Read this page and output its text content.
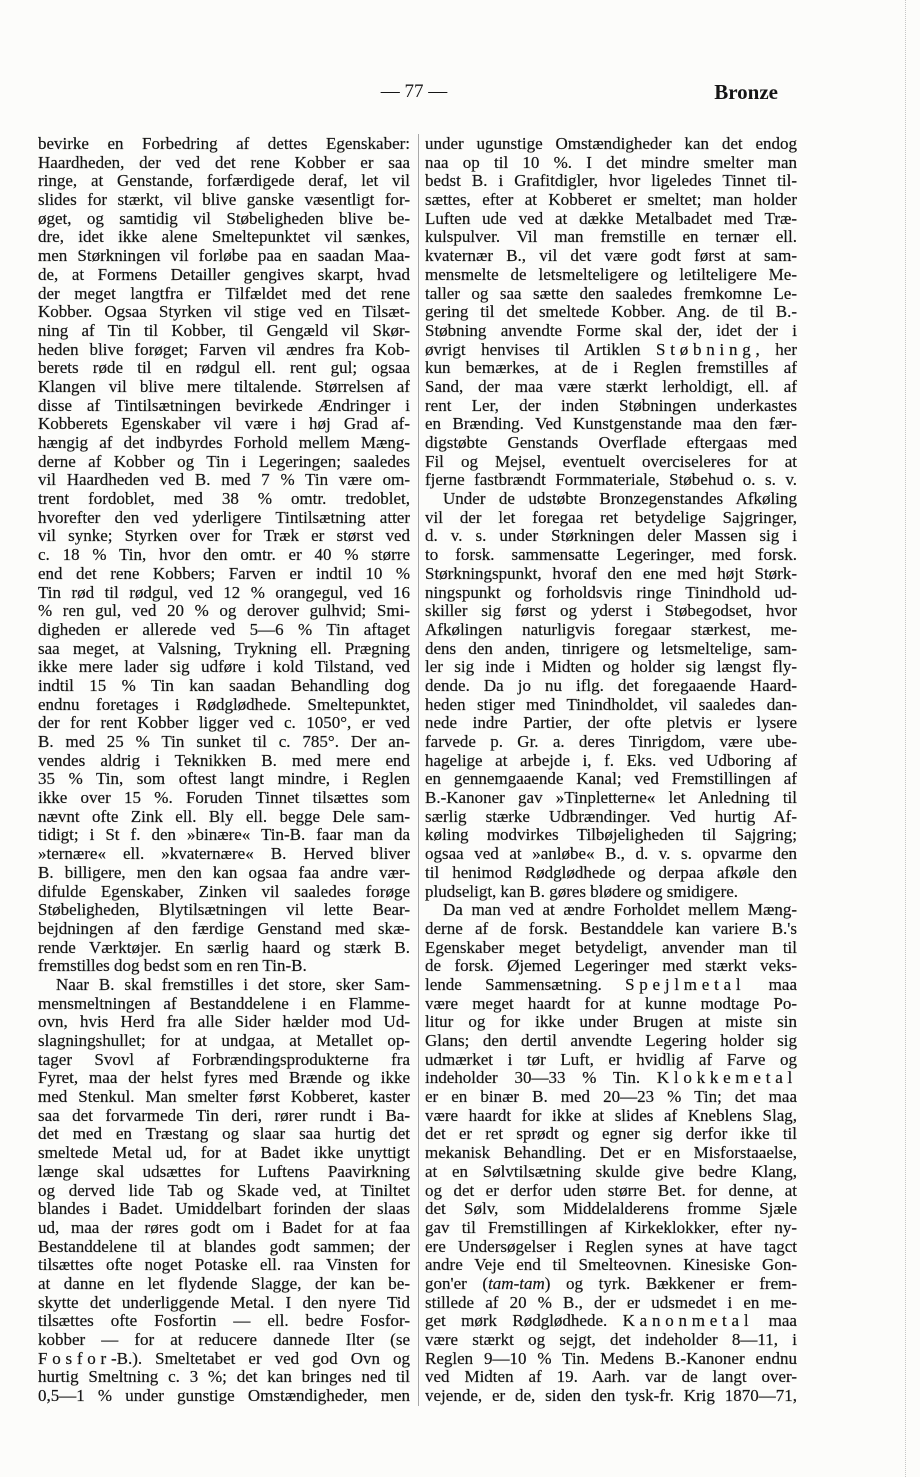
— 77 —	Bronze
bevirke en Forbedring af dettes Egenskaber:
Haardheden, der ved det rene Kobber er saa
ringe, at Genstande, forfærdigede deraf, let vil
slides for stærkt, vil blive ganske væsentligt for-
øget, og samtidig vil Støbeligheden blive be-
dre, idet ikke alene Smeltepunktet vil sænkes,
men Størkningen vil forløbe paa en saadan Maa-
de, at Formens Detailler gengives skarpt, hvad
der meget langtfra er Tilfældet med det rene
Kobber. Ogsaa Styrken vil stige ved en Tilsæt-
ning af Tin til Kobber, til Gengæld vil Skør-
heden blive forøget; Farven vil ændres fra Kob-
berets røde til en rødgul ell. rent gul; ogsaa
Klangen vil blive mere tiltalende. Størrelsen af
disse af Tintilsætningen bevirkede Ændringer i
Kobberets Egenskaber vil være i høj Grad af-
hængig af det indbyrdes Forhold mellem Mæng-
derne af Kobber og Tin i Legeringen; saaledes
vil Haardheden ved B. med 7 % Tin være om-
trent fordoblet, med 38 % omtr. tredoblet,
hvorefter den ved yderligere Tintilsætning atter
vil synke; Styrken over for Træk er størst ved
c. 18 % Tin, hvor den omtr. er 40 % større
end det rene Kobbers; Farven er indtil 10 %
Tin rød til rødgul, ved 12 % orangegul, ved 16
% ren gul, ved 20 % og derover gulhvid; Smi-
digheden er allerede ved 5—6 % Tin aftaget
saa meget, at Valsning, Trykning ell. Prægning
ikke mere lader sig udføre i kold Tilstand, ved
indtil 15 % Tin kan saadan Behandling dog
endnu foretages i Rødglødhede. Smeltepunktet,
der for rent Kobber ligger ved c. 1050°, er ved
B. med 25 % Tin sunket til c. 785°. Der an-
vendes aldrig i Teknikken B. med mere end
35 % Tin, som oftest langt mindre, i Reglen
ikke over 15 %. Foruden Tinnet tilsættes som
nævnt ofte Zink ell. Bly ell. begge Dele sam-
tidigt; i St f. den »binære« Tin-B. faar man da
»ternære« ell. »kvaternære« B. Herved bliver
B. billigere, men den kan ogsaa faa andre vær-
difulde Egenskaber, Zinken vil saaledes forøge
Støbeligheden, Blytilsætningen vil lette Bear-
bejdningen af den færdige Genstand med skæ-
rende Værktøjer. En særlig haard og stærk B.
fremstilles dog bedst som en ren Tin-B.
Naar B. skal fremstilles i det store, sker Sam-
mensmeltningen af Bestanddelene i en Flamme-
ovn, hvis Herd fra alle Sider hælder mod Ud-
slagningshullet; for at undgaa, at Metallet op-
tager Svovl af Forbrændingsprodukterne fra
Fyret, maa der helst fyres med Brænde og ikke
med Stenkul. Man smelter først Kobberet, kaster
saa det forvarmede Tin deri, rører rundt i Ba-
det med en Træstang og slaar saa hurtig det
smeltede Metal ud, for at Badet ikke unyttigt
længe skal udsættes for Luftens Paavirkning
og derved lide Tab og Skade ved, at Tiniltet
blandes i Badet. Umiddelbart forinden der slaas
ud, maa der røres godt om i Badet for at faa
Bestanddelene til at blandes godt sammen; der
tilsættes ofte noget Potaske ell. raa Vinsten for
at danne en let flydende Slagge, der kan be-
skytte det underliggende Metal. I den nyere Tid
tilsættes ofte Fosfortin — ell. bedre Fosfor-
kobber — for at reducere dannede Ilter (se
Fosfor-B.). Smeltetabet er ved god Ovn og
hurtig Smeltning c. 3 %; det kan bringes ned til
0,5—1 % under gunstige Omstændigheder, men
under ugunstige Omstændigheder kan det endog
naa op til 10 %. I det mindre smelter man
bedst B. i Grafitdigler, hvor ligeledes Tinnet til-
sættes, efter at Kobberet er smeltet; man holder
Luften ude ved at dække Metalbadet med Træ-
kulspulver. Vil man fremstille en ternær ell.
kvaternær B., vil det være godt først at sam-
mensmelte de letsmelteligere og letilteligere Me-
taller og saa sætte den saaledes fremkomne Le-
gering til det smeltede Kobber. Ang. de til B.-
Støbning anvendte Forme skal der, idet der i
øvrigt henvises til Artiklen Støbning, her
kun bemærkes, at de i Reglen fremstilles af
Sand, der maa være stærkt lerholdigt, ell. af
rent Ler, der inden Støbningen underkastes
en Brænding. Ved Kunstgenstande maa den fær-
digstøbte Genstands Overflade eftergaas med
Fil og Mejsel, eventuelt overciseleres for at
fjerne fastbrændt Formmateriale, Støbehud o. s. v.
Under de udstøbte Bronzegenstandes Afkøling
vil der let foregaa ret betydelige Sajgringer,
d. v. s. under Størkningen deler Massen sig i
to forsk. sammensatte Legeringer, med forsk.
Størkningspunkt, hvoraf den ene med højt Størk-
ningspunkt og forholdsvis ringe Tinindhold ud-
skiller sig først og yderst i Støbegodset, hvor
Afkølingen naturligvis foregaar stærkest, me-
dens den anden, tinrigere og letsmeltelige, sam-
ler sig inde i Midten og holder sig længst fly-
dende. Da jo nu iflg. det foregaaende Haard-
heden stiger med Tinindholdet, vil saaledes dan-
nede indre Partier, der ofte pletvis er lysere
farvede p. Gr. a. deres Tinrigdom, være ube-
hagelige at arbejde i, f. Eks. ved Udboring af
en gennemgaaende Kanal; ved Fremstillingen af
B.-Kanoner gav »Tinpletterne« let Anledning til
særlig stærke Udbrændinger. Ved hurtig Af-
køling modvirkes Tilbøjeligheden til Sajgring;
ogsaa ved at »anløbe« B., d. v. s. opvarme den
til henimod Rødglødhede og derpaa afkøle den
pludseligt, kan B. gøres blødere og smidigere.
Da man ved at ændre Forholdet mellem Mæng-
derne af de forsk. Bestanddele kan variere B.'s
Egenskaber meget betydeligt, anvender man til
de forsk. Øjemed Legeringer med stærkt veks-
lende Sammensætning. Spejlmetal maa
være meget haardt for at kunne modtage Po-
litur og for ikke under Brugen at miste sin
Glans; den dertil anvendte Legering holder sig
udmærket i tør Luft, er hvidlig af Farve og
indeholder 30—33 % Tin. Klokkemetal
er en binær B. med 20—23 % Tin; det maa
være haardt for ikke at slides af Kneblens Slag,
det er ret sprødt og egner sig derfor ikke til
mekanisk Behandling. Det er en Misforstaaelse,
at en Sølvtilsætning skulde give bedre Klang,
og det er derfor uden større Bet. for denne, at
det Sølv, som Middelalderens fromme Sjæle
gav til Fremstillingen af Kirkeklokker, efter ny-
ere Undersøgelser i Reglen synes at have tagct
andre Veje end til Smelteovnen. Kinesiske Gon-
gon'er (tam-tam) og tyrk. Bækkener er frem-
stillede af 20 % B., der er udsmedet i en me-
get mørk Rødglødhede. Kanonmetal maa
være stærkt og sejgt, det indeholder 8—11, i
Reglen 9—10 % Tin. Medens B.-Kanoner endnu
ved Midten af 19. Aarh. var de langt over-
vejende, er de, siden den tysk-fr. Krig 1870—71,
